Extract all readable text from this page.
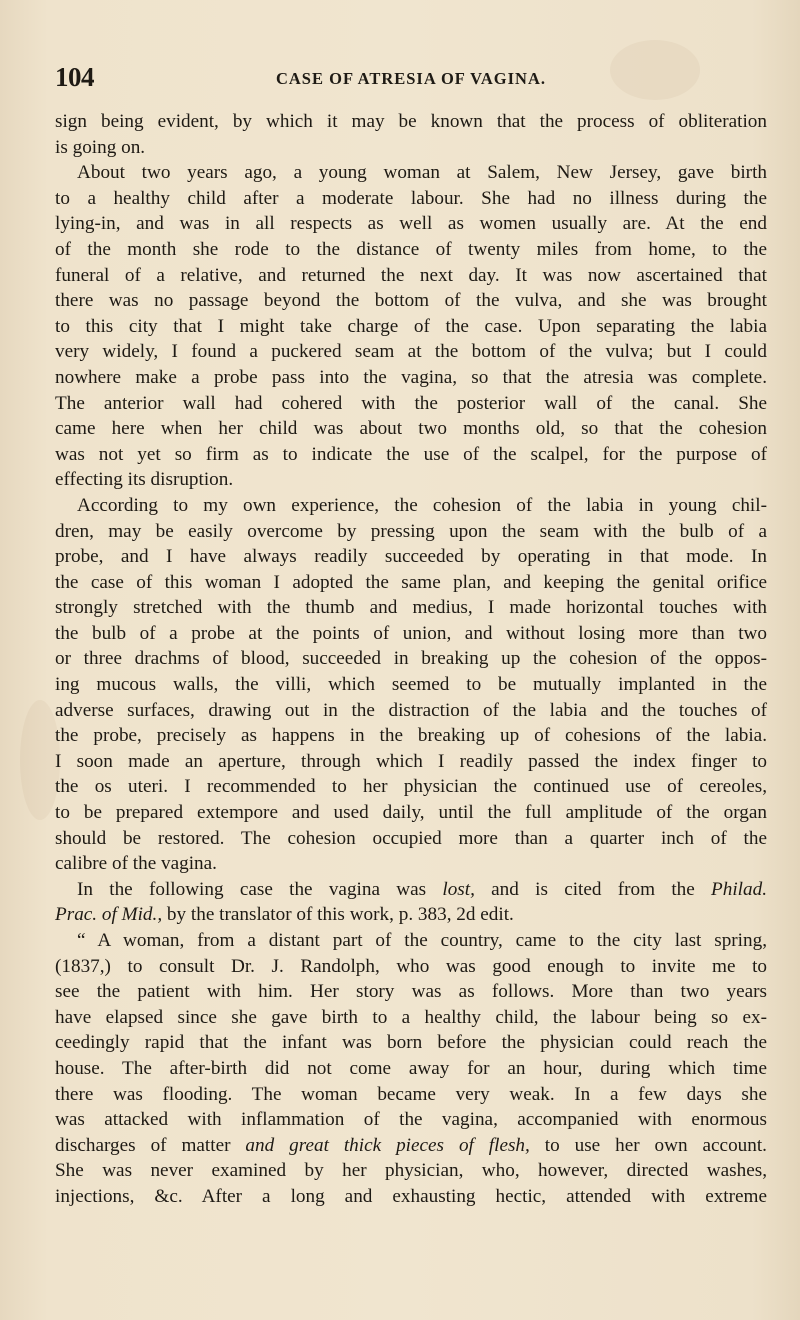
104	CASE OF ATRESIA OF VAGINA.
sign being evident, by which it may be known that the process of obliteration
is going on.
About two years ago, a young woman at Salem, New Jersey, gave birth
to a healthy child after a moderate labour. She had no illness during the
lying-in, and was in all respects as well as women usually are. At the end
of the month she rode to the distance of twenty miles from home, to the
funeral of a relative, and returned the next day. It was now ascertained that
there was no passage beyond the bottom of the vulva, and she was brought
to this city that I might take charge of the case. Upon separating the labia
very widely, I found a puckered seam at the bottom of the vulva; but I could
nowhere make a probe pass into the vagina, so that the atresia was complete.
The anterior wall had cohered with the posterior wall of the canal. She
came here when her child was about two months old, so that the cohesion
was not yet so firm as to indicate the use of the scalpel, for the purpose of
effecting its disruption.
According to my own experience, the cohesion of the labia in young chil-
dren, may be easily overcome by pressing upon the seam with the bulb of a
probe, and I have always readily succeeded by operating in that mode. In
the case of this woman I adopted the same plan, and keeping the genital orifice
strongly stretched with the thumb and medius, I made horizontal touches with
the bulb of a probe at the points of union, and without losing more than two
or three drachms of blood, succeeded in breaking up the cohesion of the oppos-
ing mucous walls, the villi, which seemed to be mutually implanted in the
adverse surfaces, drawing out in the distraction of the labia and the touches of
the probe, precisely as happens in the breaking up of cohesions of the labia.
I soon made an aperture, through which I readily passed the index finger to
the os uteri. I recommended to her physician the continued use of cereoles,
to be prepared extempore and used daily, until the full amplitude of the organ
should be restored. The cohesion occupied more than a quarter inch of the
calibre of the vagina.
In the following case the vagina was lost, and is cited from the Philad.
Prac. of Mid., by the translator of this work, p. 383, 2d edit.
“ A woman, from a distant part of the country, came to the city last spring,
(1837,) to consult Dr. J. Randolph, who was good enough to invite me to
see the patient with him. Her story was as follows. More than two years
have elapsed since she gave birth to a healthy child, the labour being so ex-
ceedingly rapid that the infant was born before the physician could reach the
house. The after-birth did not come away for an hour, during which time
there was flooding. The woman became very weak. In a few days she
was attacked with inflammation of the vagina, accompanied with enormous
discharges of matter and great thick pieces of flesh, to use her own account.
She was never examined by her physician, who, however, directed washes,
injections, &c. After a long and exhausting hectic, attended with extreme
